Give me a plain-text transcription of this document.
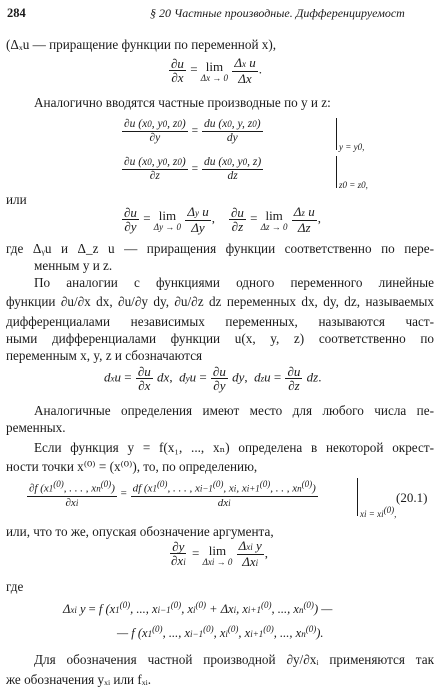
284	§ 20 Частные производные. Дифференцируемост
(Δₓu — приращение функции по переменной x),
$\frac{\partial u}{\partial x} = \lim$
Δx → 0
$\frac{\text{Δx u}}{\Delta x}$ .
Аналогично вводятся частные производные по y и z:
$\frac{\partial u (x0, y0, z0)}{\partial y} = \frac{du (x0, y, z0)}{dy}$
y = y0,
$\frac{\partial u (x0, y0, z0)}{\partial z} = \frac{du (x0, y0, z)}{dz}$
z0 = z0,
или
$\frac{\partial u}{\partial y} = \lim$
Δy → 0
$\frac{\text{Δy u}}{\Delta y}$ , $\frac{\partial u}{\partial z} = \lim$
Δz → 0
$\frac{\text{Δz u}}{\Delta z}$ ,
где Δᵧu и Δ_z u — приращения функции соответственно по пере-
менным y и z.
По аналогии с функциями одного переменного линейные
функции ∂u/∂x dx, ∂u/∂y dy, ∂u/∂z dz переменных dx, dy, dz, называемых
дифференциалами независимых переменных, называются част-
ными дифференциалами функции u(x, y, z) соответственно по
переменным x, y, z и сбозначаются
dxu = $\frac{\partial u}{\partial x}$ dx,  dyu = $\frac{\partial u}{\partial y}$ dy,  dzu = $\frac{\partial u}{\partial z}$ dz.
Аналогичные определения имеют место для любого числа пе-
ременных.
Если функция y = f(x₁, ..., xₙ) определена в некоторой окрест-
ности точки x⁽⁰⁾ = (x⁽⁰⁾), то, по определению,
$\frac{\partial f (x1^{(0)}, . . . , xn^{(0)})}{\partial xi}$ = df (x1$^{(0)}$, . . . , $xi-1^{(0)}$, xi, $xi+1^{(0)}$, . . , $xn^{(0)}$)
dxi
xi = $xi^{(0)}$,
(20.1)
или, что то же, опуская обозначение аргумента,
$\frac{\partial y}{\partial xi} = \lim$
Δxi → 0

Δxi y
Δxi
,
где
Δxi y = f (x1$^{(0)}$, ..., $xi-1^{(0)}$, $xi^{(0)} + \Delta xi$, $xi+1^{(0)}$, ..., $xn^{(0)}$) —
— f (x1$^{(0)}$, ..., $xi-1^{(0)}$, $xi^{(0)}$, $xi+1^{(0)}$, ..., $xn^{(0)}$).
Для обозначения частной производной ∂y/∂xᵢ применяются так
же обозначения yₓᵢ или fₓᵢ.
